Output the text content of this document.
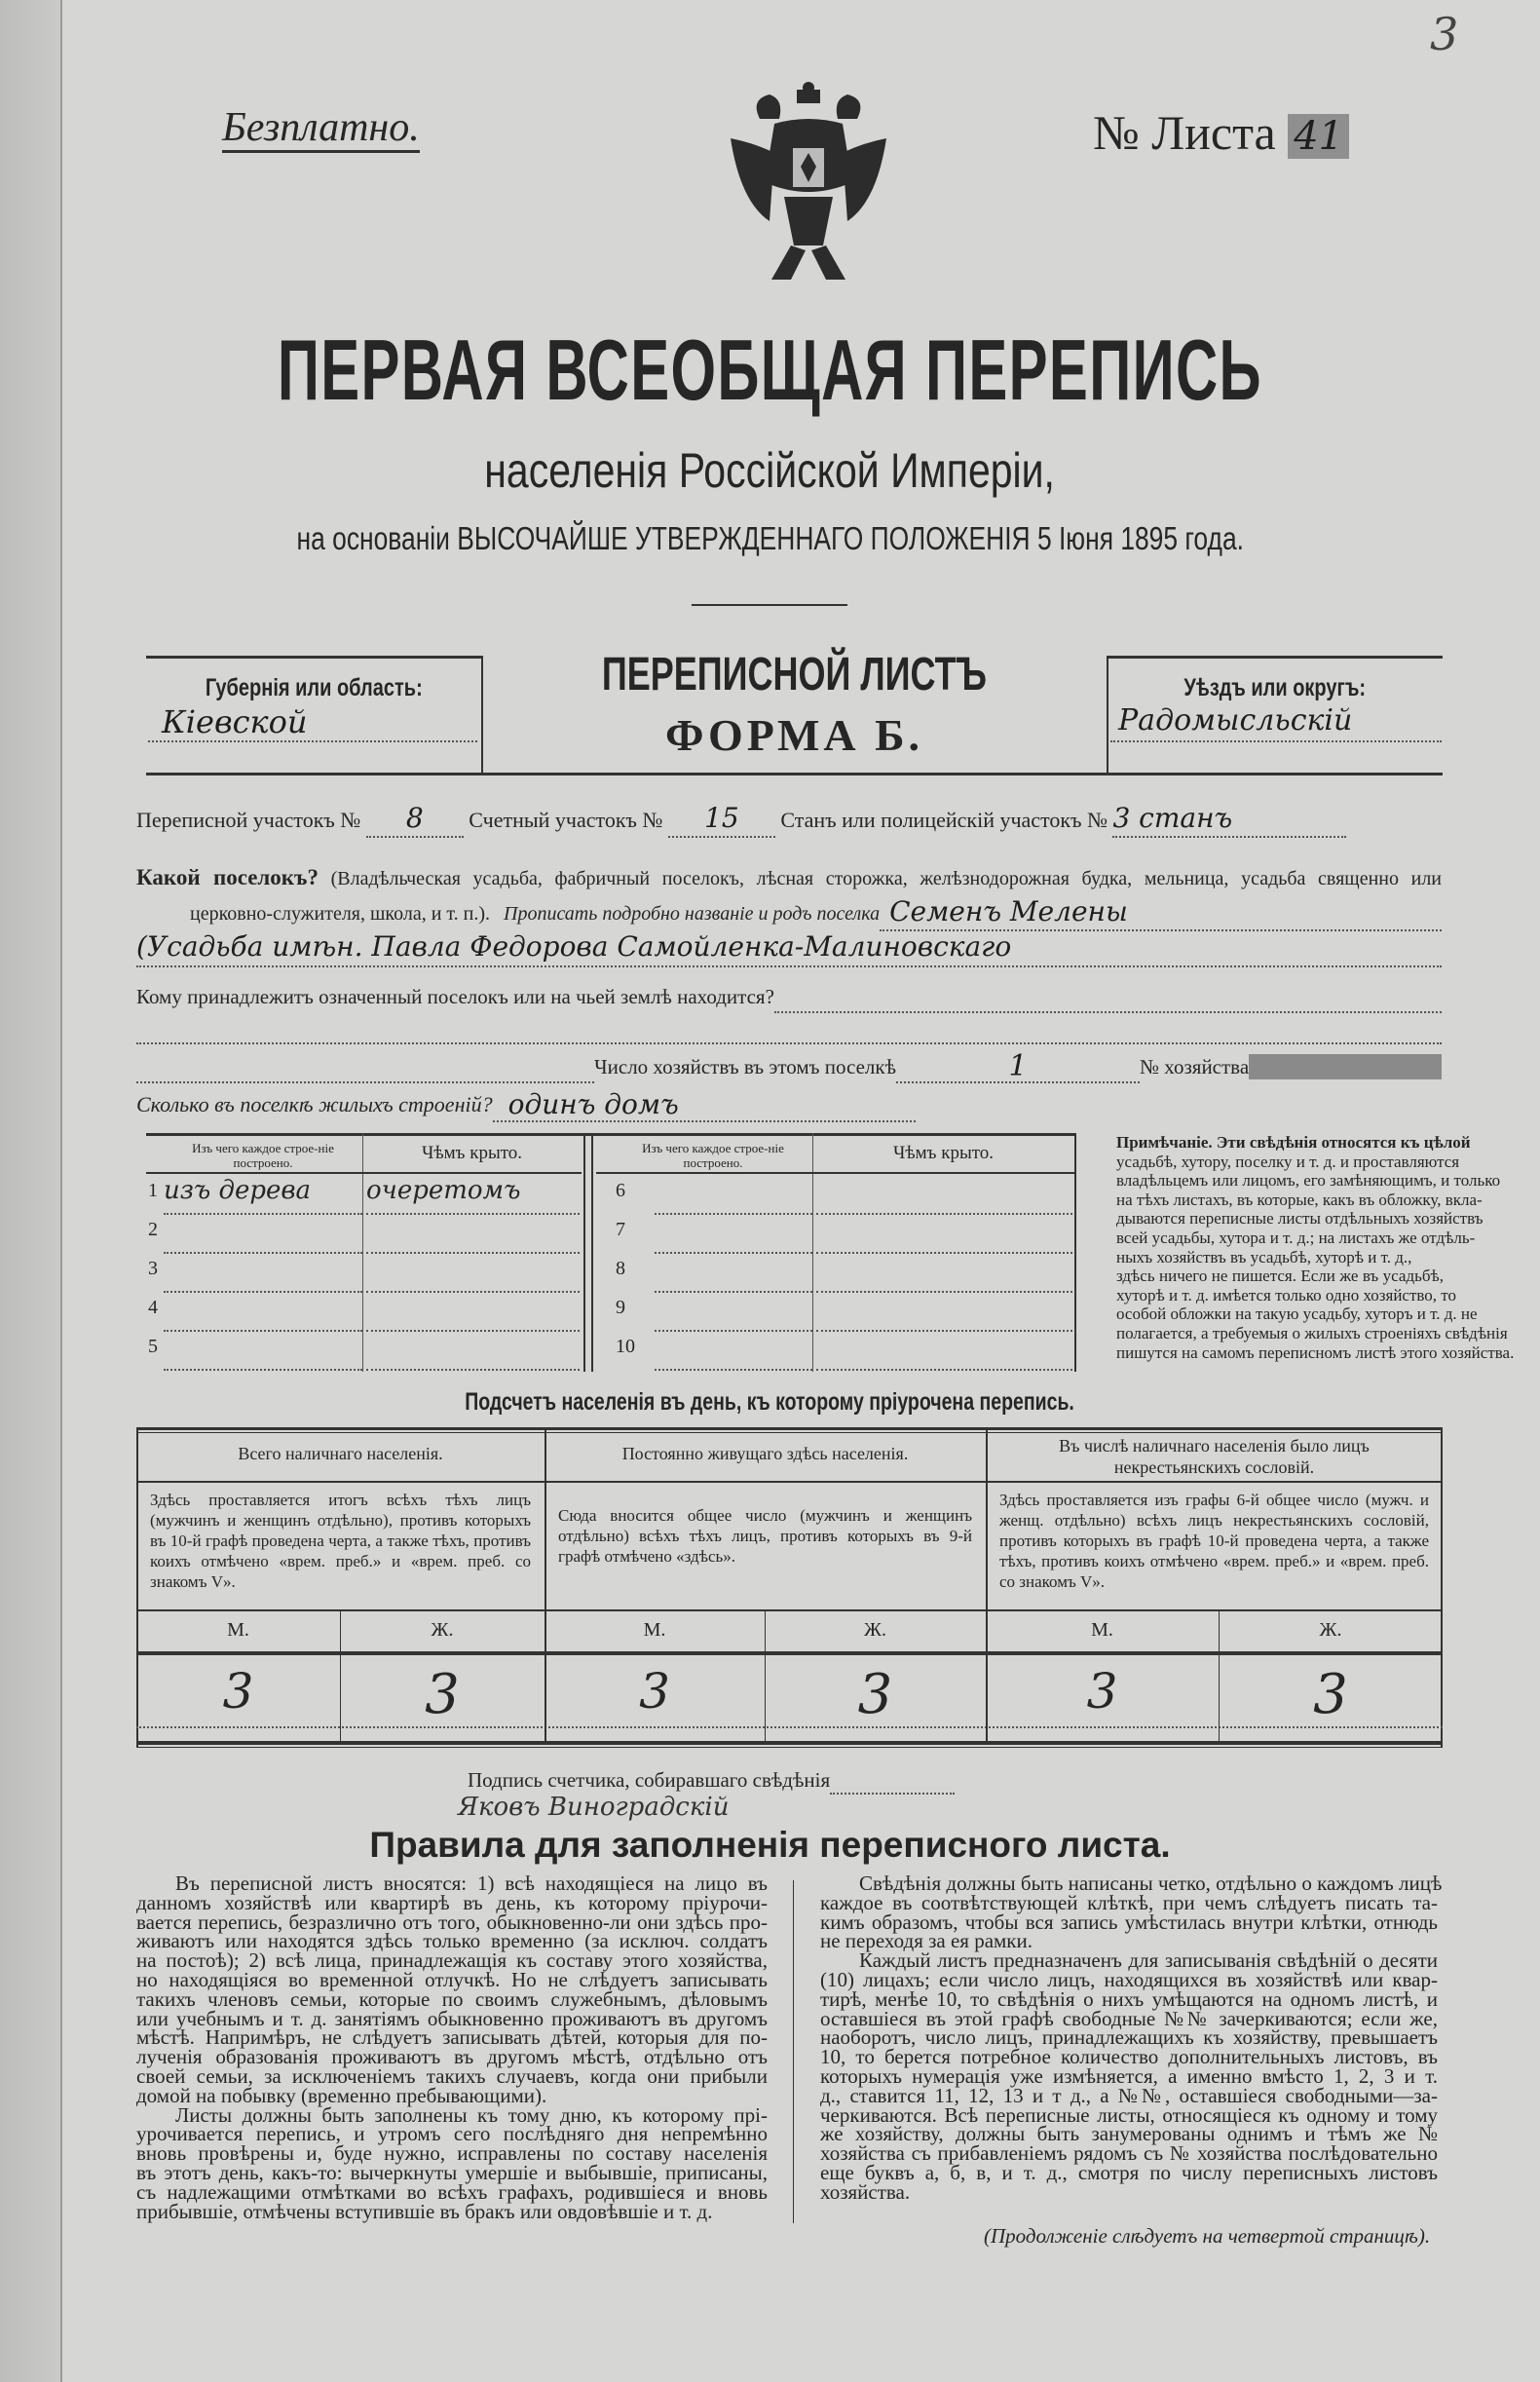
3
Безплатно.	№ Листа 41
ПЕРВАЯ ВСЕОБЩАЯ ПЕРЕПИСЬ
населенія Россійской Имперіи,
на основаніи ВЫСОЧАЙШЕ УТВЕРЖДЕННАГО ПОЛОЖЕНІЯ 5 Іюня 1895 года.
Губернія или область:
Кіевской
ПЕРЕПИСНОЙ ЛИСТЪ
ФОРМА Б.
Уѣздъ или округъ:
Радомысльскій
Переписной участокъ № 8 Счетный участокъ № 15 Станъ или полицейскій участокъ № 3 станъ
Какой поселокъ? (Владѣльческая усадьба, фабричный поселокъ, лѣсная сторожка, желѣзнодорожная будка, мельница, усадьба священно или
церковно-служителя, школа, и т. п.). Прописать подробно названіе и родъ поселка Семенъ Мелены
(Усадьба имѣн. Павла Федорова Самойленка-Малиновскаго
Кому принадлежитъ означенный поселокъ или на чьей землѣ находится?
Число хозяйствъ въ этомъ поселкѣ	1	№ хозяйства
Сколько въ поселкѣ жилыхъ строеній? одинъ домъ
Изъ чего каждое строе-ніе построено.	Чѣмъ крыто.
1 изъ дерева	очеретомъ
2
3
4
5
Изъ чего каждое строе-ніе построено.	Чѣмъ крыто.
6
7
8
9
10
Примѣчаніе. Эти свѣдѣнія относятся къ цѣлой
усадьбѣ, хутору, поселку и т. д. и проставляются
владѣльцемъ или лицомъ, его замѣняющимъ, и только
на тѣхъ листахъ, въ которые, какъ въ обложку, вкла-
дываются переписные листы отдѣльныхъ хозяйствъ
всей усадьбы, хутора и т. д.; на листахъ же отдѣль-
ныхъ хозяйствъ въ усадьбѣ, хуторѣ и т. д.,
здѣсь ничего не пишется. Если же въ усадьбѣ,
хуторѣ и т. д. имѣется только одно хозяйство, то
особой обложки на такую усадьбу, хуторъ и т. д. не
полагается, а требуемыя о жилыхъ строеніяхъ свѣдѣнія
пишутся на самомъ переписномъ листѣ этого хозяйства.
Подсчетъ населенія въ день, къ которому пріурочена перепись.
Всего наличнаго населенія.
Здѣсь проставляется итогъ всѣхъ тѣхъ лицъ (мужчинъ и женщинъ отдѣльно), противъ которыхъ въ 10-й графѣ проведена черта, а также тѣхъ, противъ коихъ отмѣчено «врем. преб.» и «врем. преб. со знакомъ V».
М.	Ж.
3	3
Постоянно живущаго здѣсь населенія.
Сюда вносится общее число (мужчинъ и женщинъ отдѣльно) всѣхъ тѣхъ лицъ, противъ которыхъ въ 9-й графѣ отмѣчено «здѣсь».
М.	Ж.
3	3
Въ числѣ наличнаго населенія было лицъ некрестьянскихъ сословій.
Здѣсь проставляется изъ графы 6-й общее число (мужч. и женщ. отдѣльно) всѣхъ лицъ некрестьянскихъ сословій, противъ которыхъ въ графѣ 10-й проведена черта, а также тѣхъ, противъ коихъ отмѣчено «врем. преб.» и «врем. преб. со знакомъ V».
М.	Ж.
3	3
Подпись счетчика, собиравшаго свѣдѣнія
Яковъ Виноградскій
Правила для заполненія переписного листа.
Въ переписной листъ вносятся: 1) всѣ находящіеся на лицо въ
данномъ хозяйствѣ или квартирѣ въ день, къ которому пріурочи-
вается перепись, безразлично отъ того, обыкновенно-ли они здѣсь про-
живаютъ или находятся здѣсь только временно (за исключ. солдатъ
на постоѣ); 2) всѣ лица, принадлежащія къ составу этого хозяйства,
но находящіяся во временной отлучкѣ. Но не слѣдуетъ записывать
такихъ членовъ семьи, которые по своимъ служебнымъ, дѣловымъ
или учебнымъ и т. д. занятіямъ обыкновенно проживаютъ въ другомъ
мѣстѣ. Напримѣръ, не слѣдуетъ записывать дѣтей, которыя для по-
лученія образованія проживаютъ въ другомъ мѣстѣ, отдѣльно отъ
своей семьи, за исключеніемъ такихъ случаевъ, когда они прибыли
домой на побывку (временно пребывающими).
Листы должны быть заполнены къ тому дню, къ которому прі-
урочивается перепись, и утромъ сего послѣдняго дня непремѣнно
вновь провѣрены и, буде нужно, исправлены по составу населенія
въ этотъ день, какъ-то: вычеркнуты умершіе и выбывшіе, приписаны,
съ надлежащими отмѣтками во всѣхъ графахъ, родившіеся и вновь
прибывшіе, отмѣчены вступившіе въ бракъ или овдовѣвшіе и т. д.
Свѣдѣнія должны быть написаны четко, отдѣльно о каждомъ лицѣ
каждое въ соотвѣтствующей клѣткѣ, при чемъ слѣдуетъ писать та-
кимъ образомъ, чтобы вся запись умѣстилась внутри клѣтки, отнюдь
не переходя за ея рамки.
Каждый листъ предназначенъ для записыванія свѣдѣній о десяти
(10) лицахъ; если число лицъ, находящихся въ хозяйствѣ или квар-
тирѣ, менѣе 10, то свѣдѣнія о нихъ умѣщаются на одномъ листѣ, и
оставшіеся въ этой графѣ свободные №№ зачеркиваются; если же,
наоборотъ, число лицъ, принадлежащихъ къ хозяйству, превышаетъ
10, то берется потребное количество дополнительныхъ листовъ, въ
которыхъ нумерація уже измѣняется, а именно вмѣсто 1, 2, 3 и т.
д., ставится 11, 12, 13 и т д., а №№, оставшіеся свободными—за-
черкиваются. Всѣ переписные листы, относящіеся къ одному и тому
же хозяйству, должны быть занумерованы однимъ и тѣмъ же №
хозяйства съ прибавленіемъ рядомъ съ № хозяйства послѣдовательно
еще буквъ а, б, в, и т. д., смотря по числу переписныхъ листовъ
хозяйства.
(Продолженіе слѣдуетъ на четвертой страницѣ).
